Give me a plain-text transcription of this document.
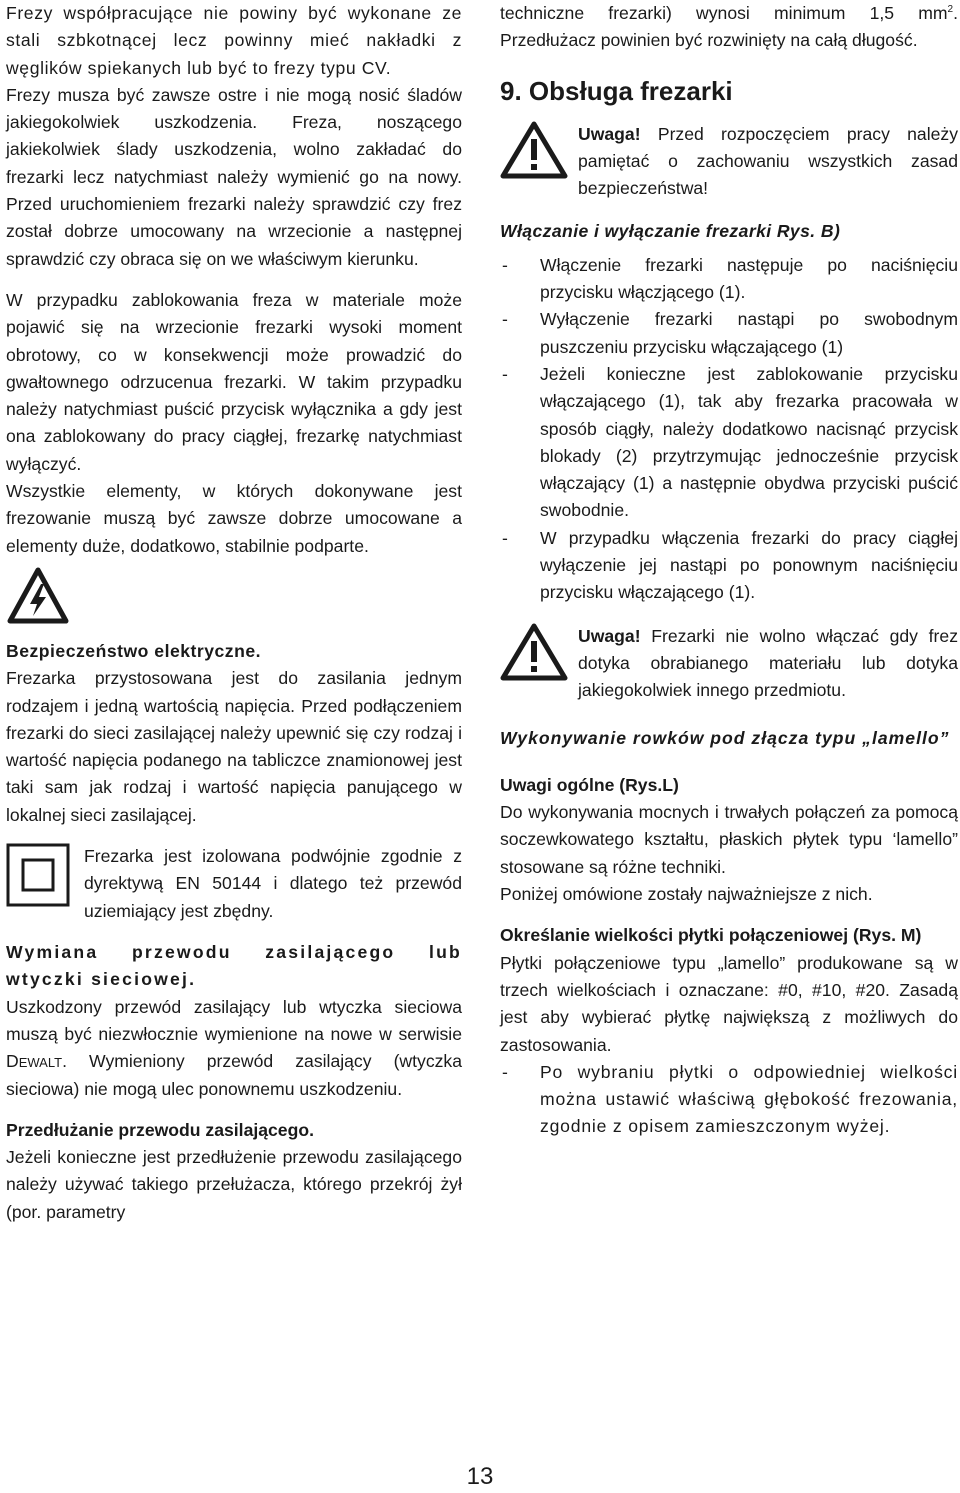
Frezy współpracujące nie powiny być wykonane ze stali szbkotnącej lecz powinny mieć nakładki z węglików spiekanych lub być to frezy typu CV.

Frezy musza być zawsze ostre i nie mogą nosić śladów jakiegokolwiek uszkodzenia. Freza, noszącego jakiekolwiek ślady uszkodzenia, wolno zakładać do frezarki lecz natychmiast należy wymienić go na nowy. Przed uruchomieniem frezarki należy sprawdzić czy frez został dobrze umocowany na wrzecionie a następnej sprawdzić czy obraca się on we właściwym kierunku.

W przypadku zablokowania freza w materiale może pojawić się na wrzecionie frezarki wysoki moment obrotowy, co w konsekwencji może prowadzić do gwałtownego odrzucenua frezarki. W takim przypadku należy natychmiast puścić przycisk wyłącznika a gdy jest ona zablokowany do pracy ciągłej, frezarkę natychmiast wyłączyć.

Wszystkie elementy, w których dokonywane jest frezowanie muszą być zawsze dobrze umocowane a elementy duże, dodatkowo, stabilnie podparte.

Bezpieczeństwo elektryczne.

Frezarka przystosowana jest do zasilania jednym rodzajem i jedną wartością napięcia. Przed podłączeniem frezarki do sieci zasilającej należy upewnić się czy rodzaj i wartość napięcia podanego na tabliczce znamionowej jest taki sam jak rodzaj i wartość napięcia panującego w lokalnej sieci zasilającej.

Frezarka jest izolowana podwójnie zgodnie z dyrektywą EN 50144 i dlatego też przewód uziemiający jest zbędny.

Wymiana przewodu zasilającego lub wtyczki sieciowej.

Uszkodzony przewód zasilający lub wtyczka sieciowa muszą być niezwłocznie wymienione na nowe w serwisie DEWALT. Wymieniony przewód zasilający (wtyczka sieciowa) nie mogą ulec ponownemu uszkodzeniu.

Przedłużanie przewodu zasilającego.

Jeżeli konieczne jest przedłużenie przewodu zasilającego należy używać takiego przełużacza, którego przekrój żył (por. parametry

techniczne frezarki) wynosi minimum 1,5 $mm^2$. Przedłużacz powinien być rozwinięty na całą długość.

9. Obsługa frezarki

Uwaga! Przed rozpoczęciem pracy należy pamiętać o zachowaniu wszystkich zasad bezpieczeństwa!

Włączanie i wyłączanie frezarki Rys. B)

- Włączenie frezarki następuje po naciśnięciu przycisku włączjącego (1).
- Wyłączenie frezarki nastąpi po swobodnym puszczeniu przycisku włączającego (1)
- Jeżeli konieczne jest zablokowanie przycisku włączającego (1), tak aby frezarka pracowała w sposób ciągły, należy dodatkowo nacisnąć przycisk blokady (2) przytrzymując jednocześnie przycisk włączający (1) a następnie obydwa przyciski puścić swobodnie.
- W przypadku włączenia frezarki do pracy ciągłej wyłączenie jej nastąpi po ponownym naciśnięciu przycisku włączającego (1).

Uwaga! Frezarki nie wolno włączać gdy frez dotyka obrabianego materiału lub dotyka jakiegokolwiek innego przedmiotu.

Wykonywanie rowków pod złącza typu „lamello”

Uwagi ogólne (Rys.L)

Do wykonywania mocnych i trwałych połączeń za pomocą soczewkowatego kształtu, płaskich płytek typu ‘lamello” stosowane są różne techniki.

Poniżej omówione zostały najważniejsze z nich.

Określanie wielkości płytki połączeniowej (Rys. M)

Płytki połączeniowe typu „lamello” produkowane są w trzech wielkościach i oznaczane: #0, #10, #20. Zasadą jest aby wybierać płytkę największą z możliwych do zastosowania.

- Po wybraniu płytki o odpowiedniej wielkości można ustawić właściwą głębokość frezowania, zgodnie z opisem zamieszczonym wyżej.
13
